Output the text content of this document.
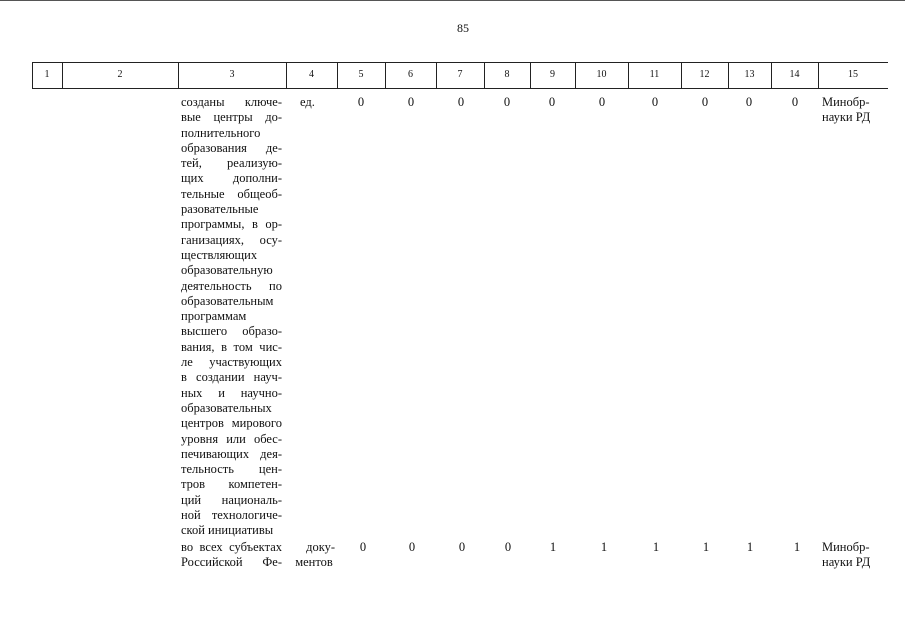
85
1	2	3	4	5	6	7	8	9	10	11	12	13	14	15
созданы ключе-
вые центры до-
полнительного
образования де-
тей, реализую-
щих дополни-
тельные общеоб-
разовательные
программы, в ор-
ганизациях, осу-
ществляющих
образовательную
деятельность по
образовательным
программам
высшего образо-
вания, в том чис-
ле участвующих
в создании науч-
ных и научно-
образовательных
центров мирового
уровня или обес-
печивающих дея-
тельность цен-
тров компетен-
ций националь-
ной технологиче-
ской инициативы
ед.	0	0	0	0	0	0	0	0	0	0	Минобр-
науки РД
во всех субъектах
Российской Фе-
доку-
ментов
0	0	0	0	1	1	1	1	1	1	Минобр-
науки РД
